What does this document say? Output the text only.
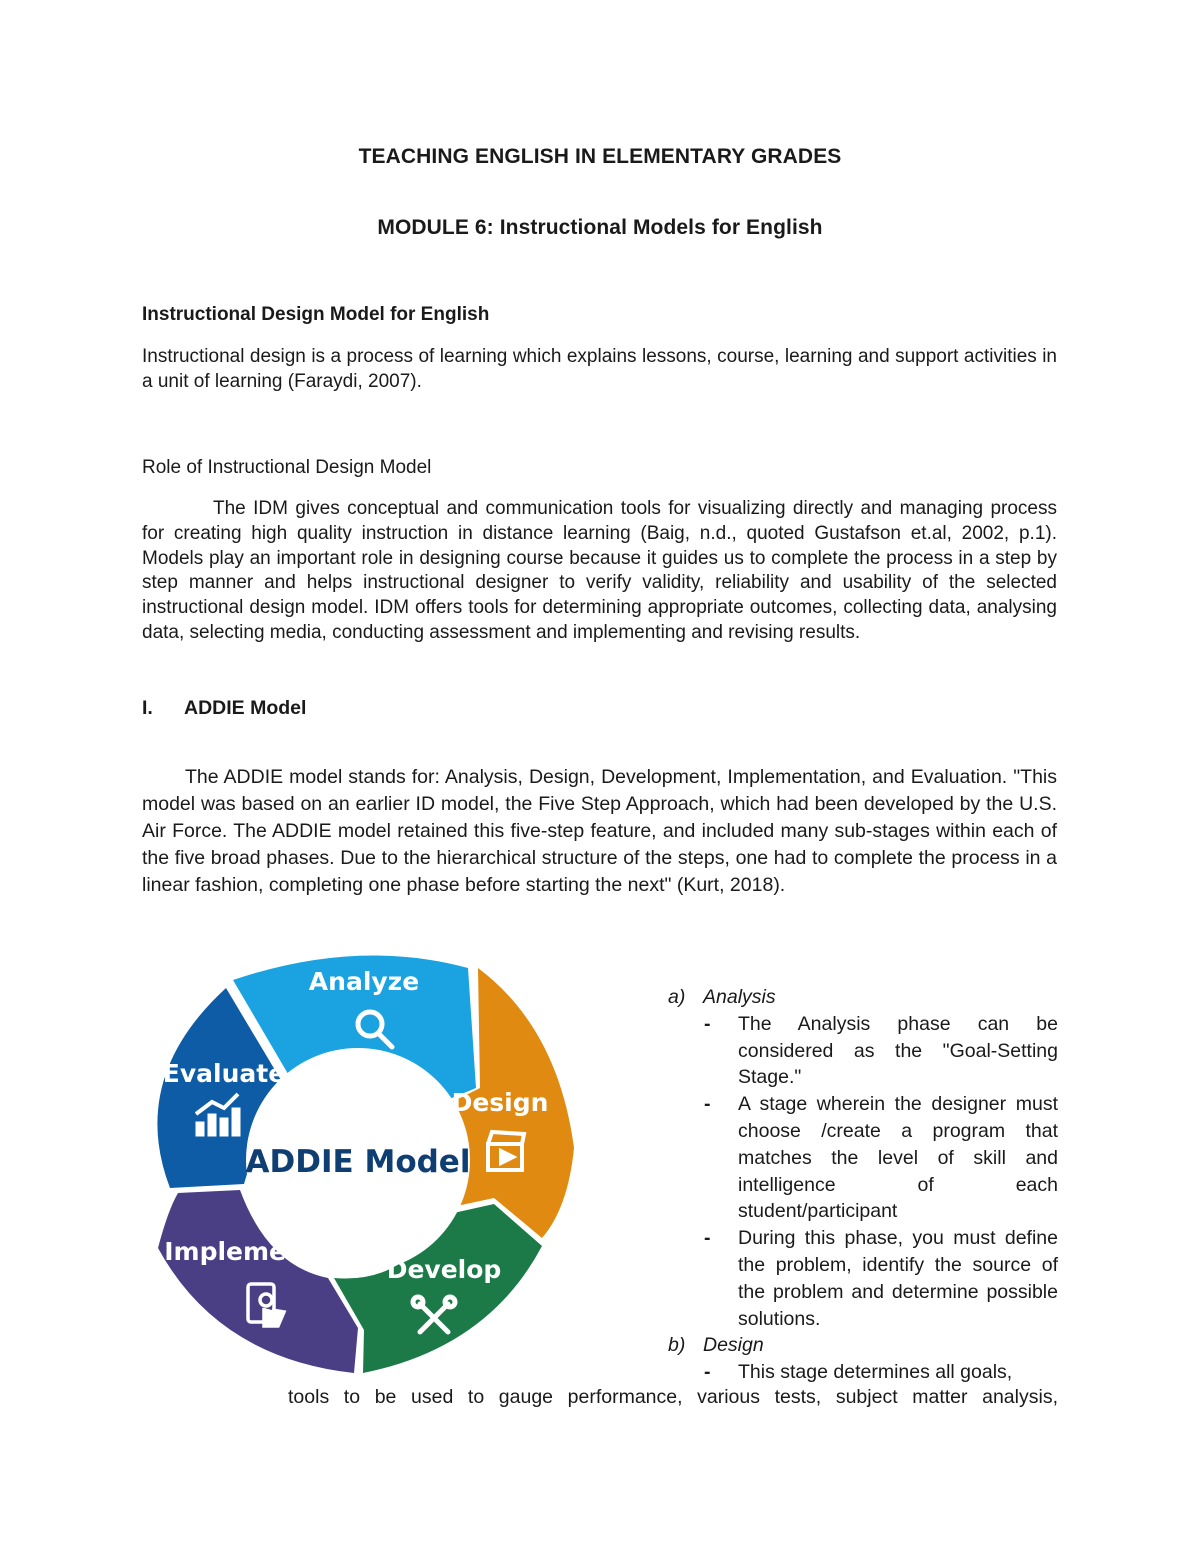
TEACHING ENGLISH IN ELEMENTARY GRADES
MODULE 6: Instructional Models for English
Instructional Design Model for English
Instructional design is a process of learning which explains lessons, course, learning and support activities in a unit of learning (Faraydi, 2007).
Role of Instructional Design Model
The IDM gives conceptual and communication tools for visualizing directly and managing process for creating high quality instruction in distance learning (Baig, n.d., quoted Gustafson et.al, 2002, p.1). Models play an important role in designing course because it guides us to complete the process in a step by step manner and helps instructional designer to verify validity, reliability and usability of the selected instructional design model. IDM offers tools for determining appropriate outcomes, collecting data, analysing data, selecting media, conducting assessment and implementing and revising results.
I. ADDIE Model
The ADDIE model stands for: Analysis, Design, Development, Implementation, and Evaluation. "This model was based on an earlier ID model, the Five Step Approach, which had been developed by the U.S. Air Force. The ADDIE model retained this five-step feature, and included many sub-stages within each of the five broad phases. Due to the hierarchical structure of the steps, one had to complete the process in a linear fashion, completing one phase before starting the next" (Kurt, 2018).
ADDIE Model
Analyze
Design
Develop
Implement
Evaluate
a) Analysis
- The Analysis phase can be considered as the "Goal-Setting Stage."
- A stage wherein the designer must choose /create a program that matches the level of skill and intelligence of each student/participant
- During this phase, you must define the problem, identify the source of the problem and determine possible solutions.
b) Design
- This stage determines all goals,
tools to be used to gauge performance, various tests, subject matter analysis,
